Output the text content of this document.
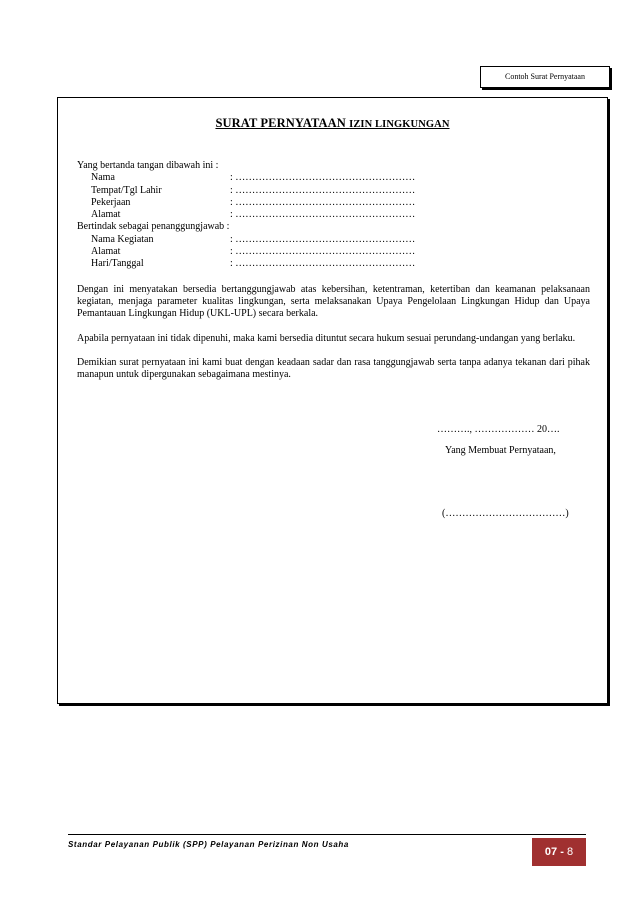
Contoh Surat Pernyataan
SURAT PERNYATAAN IZIN LINGKUNGAN
Yang bertanda tangan dibawah ini :
Nama	: ………………………………………………
Tempat/Tgl Lahir	: ………………………………………………
Pekerjaan	: ………………………………………………
Alamat	: ………………………………………………
Bertindak sebagai penanggungjawab :
Nama Kegiatan	: ………………………………………………
Alamat	: ………………………………………………
Hari/Tanggal	: ………………………………………………

Dengan ini menyatakan bersedia bertanggungjawab atas kebersihan, ketentraman, ketertiban dan keamanan pelaksanaan kegiatan, menjaga parameter kualitas lingkungan, serta melaksanakan Upaya Pengelolaan Lingkungan Hidup dan Upaya Pemantauan Lingkungan Hidup (UKL-UPL) secara berkala.

Apabila pernyataan ini tidak dipenuhi, maka kami bersedia dituntut secara hukum sesuai perundang-undangan yang berlaku.

Demikian surat pernyataan ini kami buat dengan keadaan sadar dan rasa tanggungjawab serta tanpa adanya tekanan dari pihak manapun untuk dipergunakan sebagaimana mestinya.

………., ……………… 20….
Yang Membuat Pernyataan,
(………………………………)
Standar Pelayanan Publik (SPP) Pelayanan Perizinan Non Usaha
07 - 8
